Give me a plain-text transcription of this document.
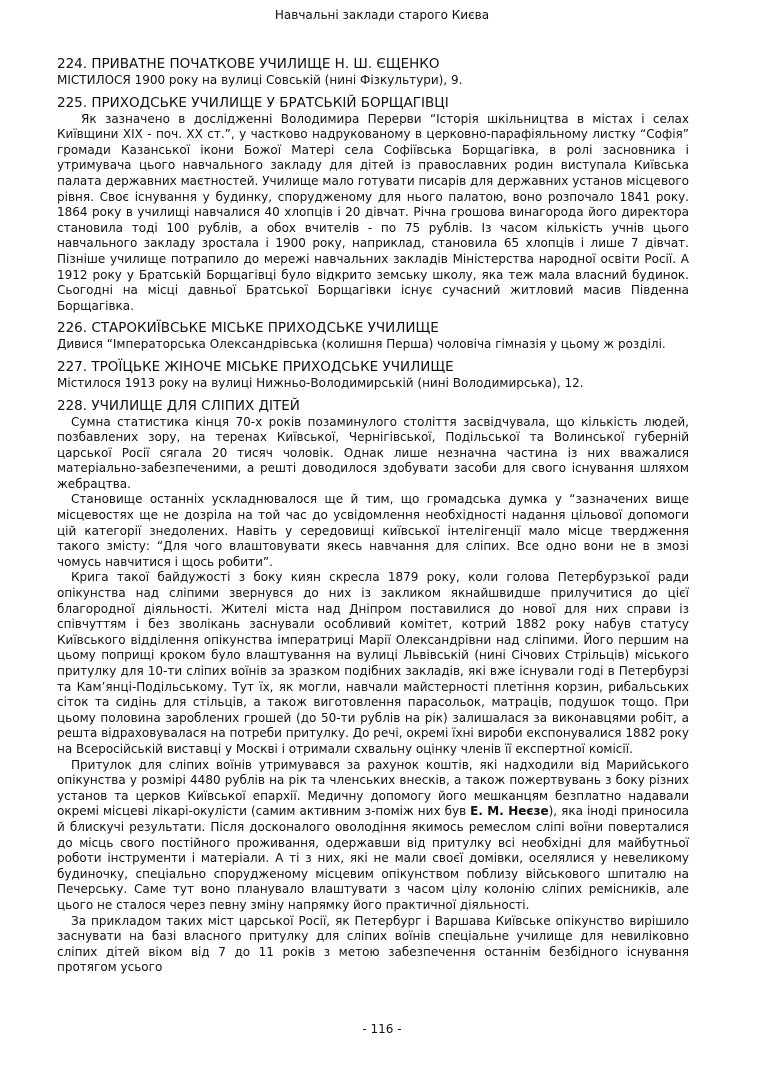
Навчальні заклади старого Києва

224. ПРИВАТНЕ ПОЧАТКОВЕ УЧИЛИЩЕ Н. Ш. ЄЩЕНКО

МІСТИЛОСЯ 1900 року на вулиці Совській (нині Фізкультури), 9.

225. ПРИХОДСЬКЕ УЧИЛИЩЕ У БРАТСЬКІЙ БОРЩАГІВЦІ

Як зазначено в дослідженні Володимира Перерви “Історія шкільництва в містах і селах Київщини XIX - поч. XX ст.”, у частково надрукованому в церковно-парафіяльному листку “Софія” громади Казанської ікони Божої Матері села Софіївська Борщагівка, в ролі засновника і утримувача цього навчального закладу для дітей із православних родин виступала Київська палата державних маєтностей. Училище мало готувати писарів для державних установ місцевого рівня. Своє існування у будинку, спорудженому для нього палатою, воно розпочало 1841 року. 1864 року в училищі навчалися 40 хлопців і 20 дівчат. Річна грошова винагорода його директора становила тоді 100 рублів, а обох вчителів - по 75 рублів. Із часом кількість учнів цього навчального закладу зростала і 1900 року, наприклад, становила 65 хлопців і лише 7 дівчат. Пізніше училище потрапило до мережі навчальних закладів Міністерства народної освіти Росії. А 1912 року у Братській Борщагівці було відкрито земську школу, яка теж мала власний будинок. Сьогодні на місці давньої Братської Борщагівки існує сучасний житловий масив Південна Борщагівка.

226. СТАРОКИЇВСЬКЕ МІСЬКЕ ПРИХОДСЬКЕ УЧИЛИЩЕ

Дивися “Імператорська Олександрівська (колишня Перша) чоловіча гімназія у цьому ж розділі.

227. ТРОЇЦЬКЕ ЖІНОЧЕ МІСЬКЕ ПРИХОДСЬКЕ УЧИЛИЩЕ

Містилося 1913 року на вулиці Нижньо-Володимирській (нині Володимирська), 12.

228. УЧИЛИЩЕ ДЛЯ СЛІПИХ ДІТЕЙ

Сумна статистика кінця 70-х років позаминулого століття засвідчувала, що кількість людей, позбавлених зору, на теренах Київської, Чернігівської, Подільської та Волинської губерній царської Росії сягала 20 тисяч чоловік. Однак лише незначна частина із них вважалися матеріально-забезпеченими, а решті доводилося здобувати засоби для свого існування шляхом жебрацтва.

Становище останніх ускладнювалося ще й тим, що громадська думка у “зазначених вище місцевостях ще не дозріла на той час до усвідомлення необхідності надання цільової допомоги цій категорії знедолених. Навіть у середовищі київської інтелігенції мало місце твердження такого змісту: “Для чого влаштовувати якесь навчання для сліпих. Все одно вони не в змозі чомусь навчитися і щось робити”.

Крига такої байдужості з боку киян скресла 1879 року, коли голова Петербурзької ради опікунства над сліпими звернувся до них із закликом якнайшвидше прилучитися до цієї благородної діяльності. Жителі міста над Дніпром поставилися до нової для них справи із співчуттям і без зволікань заснували особливий комітет, котрий 1882 року набув статусу Київського відділення опікунства імператриці Марії Олександрівни над сліпими. Його першим на цьому поприщі кроком було влаштування на вулиці Львівській (нині Січових Стрільців) міського притулку для 10-ти сліпих воїнів за зразком подібних закладів, які вже існували годі в Петербурзі та Кам’янці-Подільському. Тут їх, як могли, навчали майстерності плетіння корзин, рибальських сіток та сидінь для стільців, а також виготовлення парасольок, матраців, подушок тощо. При цьому половина зароблених грошей (до 50-ти рублів на рік) залишалася за виконавцями робіт, а решта відраховувалася на потреби притулку. До речі, окремі їхні вироби експонувалися 1882 року на Всеросійській виставці у Москві і отримали схвальну оцінку членів її експертної комісії.

Притулок для сліпих воїнів утримувався за рахунок коштів, які надходили від Марийського опікунства у розмірі 4480 рублів на рік та членських внесків, а також пожертвувань з боку різних установ та церков Київської епархії. Медичну допомогу його мешканцям безплатно надавали окремі місцеві лікарі-окулісти (самим активним з-поміж них був Е. М. Неєзе), яка іноді приносила й блискучі результати. Після досконалого оволодіння якимось ремеслом сліпі воїни поверталися до місць свого постійного проживання, одержавши від притулку всі необхідні для майбутньої роботи інструменти і матеріали. А ті з них, які не мали своєї домівки, оселялися у невеликому будиночку, спеціально спорудженому місцевим опікунством поблизу військового шпиталю на Печерську. Саме тут воно планувало влаштувати з часом цілу колонію сліпих ремісників, але цього не сталося через певну зміну напрямку його практичної діяльності.

За прикладом таких міст царської Росії, як Петербург і Варшава Київське опікунство вирішило заснувати на базі власного притулку для сліпих воїнів спеціальне училище для невиліковно сліпих дітей віком від 7 до 11 років з метою забезпечення останнім безбідного існування протягом усього

- 116 -
